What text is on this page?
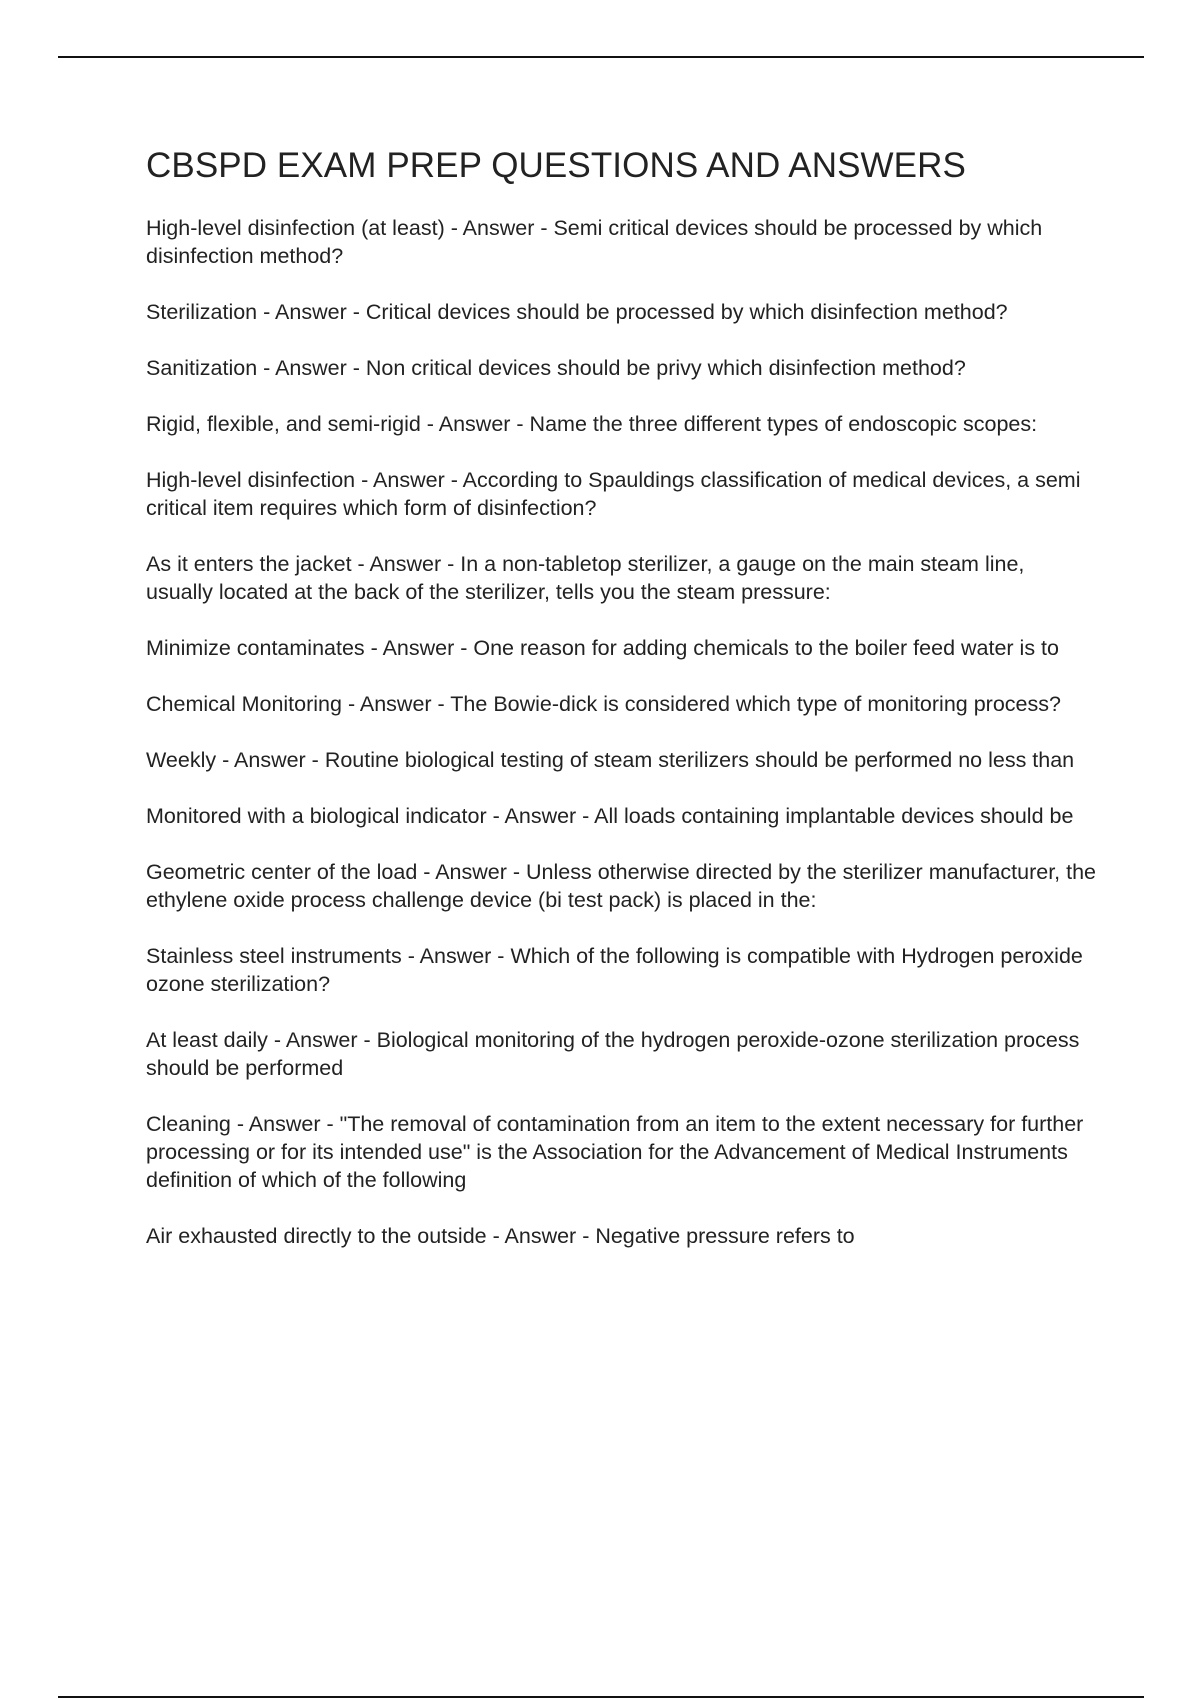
CBSPD EXAM PREP QUESTIONS AND ANSWERS
High-level disinfection (at least) - Answer - Semi critical devices should be processed by which disinfection method?
Sterilization - Answer - Critical devices should be processed by which disinfection method?
Sanitization - Answer - Non critical devices should be privy which disinfection method?
Rigid, flexible, and semi-rigid - Answer - Name the three different types of endoscopic scopes:
High-level disinfection - Answer - According to Spauldings classification of medical devices, a semi critical item requires which form of disinfection?
As it enters the jacket - Answer - In a non-tabletop sterilizer, a gauge on the main steam line, usually located at the back of the sterilizer, tells you the steam pressure:
Minimize contaminates - Answer - One reason for adding chemicals to the boiler feed water is to
Chemical Monitoring - Answer - The Bowie-dick is considered which type of monitoring process?
Weekly - Answer - Routine biological testing of steam sterilizers should be performed no less than
Monitored with a biological indicator - Answer - All loads containing implantable devices should be
Geometric center of the load - Answer - Unless otherwise directed by the sterilizer manufacturer, the ethylene oxide process challenge device (bi test pack) is placed in the:
Stainless steel instruments - Answer - Which of the following is compatible with Hydrogen peroxide ozone sterilization?
At least daily - Answer - Biological monitoring of the hydrogen peroxide-ozone sterilization process should be performed
Cleaning - Answer - "The removal of contamination from an item to the extent necessary for further processing or for its intended use" is the Association for the Advancement of Medical Instruments definition of which of the following
Air exhausted directly to the outside - Answer - Negative pressure refers to
